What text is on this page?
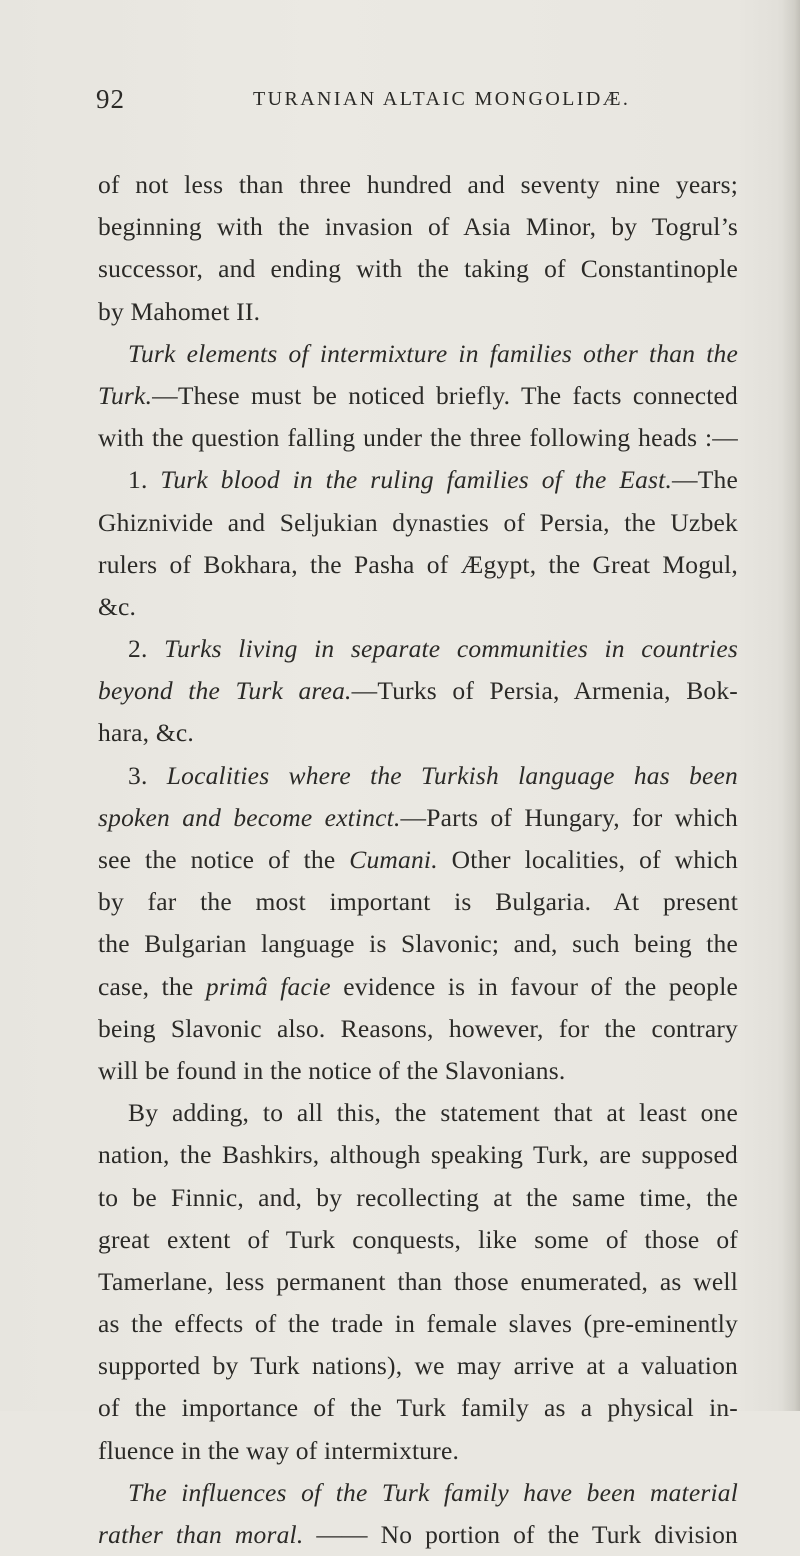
92	TURANIAN ALTAIC MONGOLIDÆ.
of not less than three hundred and seventy nine years;
beginning with the invasion of Asia Minor, by Togrul’s
successor, and ending with the taking of Constantinople
by Mahomet II.
Turk elements of intermixture in families other than the
Turk.—These must be noticed briefly. The facts connected
with the question falling under the three following heads :—
1. Turk blood in the ruling families of the East.—The
Ghiznivide and Seljukian dynasties of Persia, the Uzbek
rulers of Bokhara, the Pasha of Ægypt, the Great Mogul,
&c.
2. Turks living in separate communities in countries
beyond the Turk area.—Turks of Persia, Armenia, Bok-
hara, &c.
3. Localities where the Turkish language has been
spoken and become extinct.—Parts of Hungary, for which
see the notice of the Cumani. Other localities, of which
by far the most important is Bulgaria. At present
the Bulgarian language is Slavonic; and, such being the
case, the primâ facie evidence is in favour of the people
being Slavonic also. Reasons, however, for the contrary
will be found in the notice of the Slavonians.
By adding, to all this, the statement that at least one
nation, the Bashkirs, although speaking Turk, are supposed
to be Finnic, and, by recollecting at the same time, the
great extent of Turk conquests, like some of those of
Tamerlane, less permanent than those enumerated, as well
as the effects of the trade in female slaves (pre-eminently
supported by Turk nations), we may arrive at a valuation
of the importance of the Turk family as a physical in-
fluence in the way of intermixture.
The influences of the Turk family have been material
rather than moral. —— No portion of the Turk division
